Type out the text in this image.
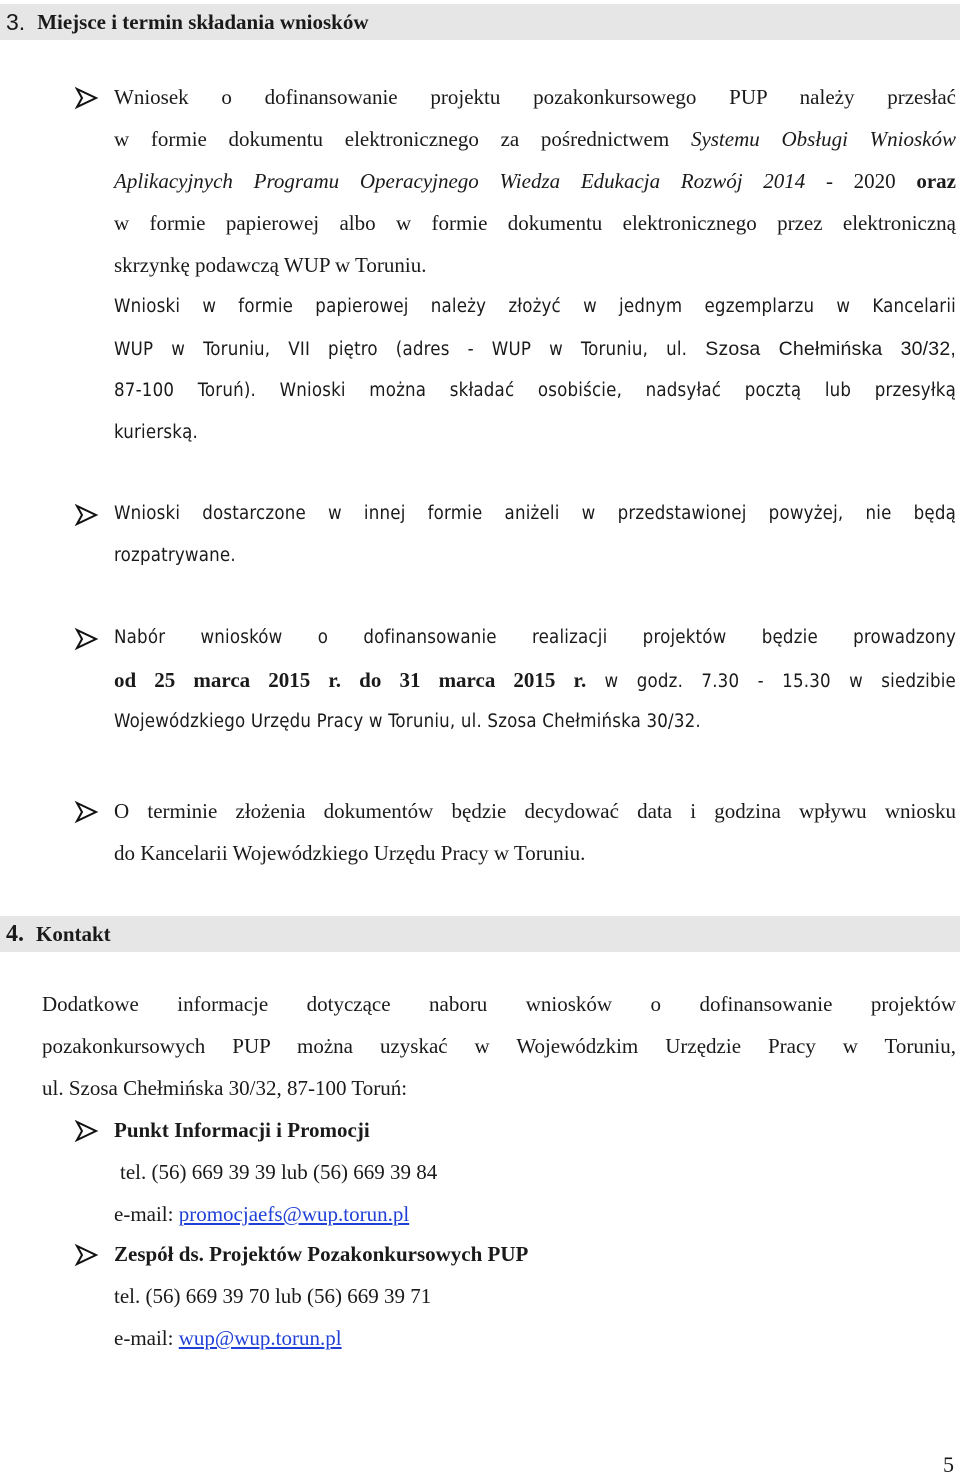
3. Miejsce i termin składania wniosków
Wniosek o dofinansowanie projektu pozakonkursowego PUP należy przesłać
w formie dokumentu elektronicznego za pośrednictwem Systemu Obsługi Wniosków
Aplikacyjnych Programu Operacyjnego Wiedza Edukacja Rozwój 2014 - 2020 oraz
w formie papierowej albo w formie dokumentu elektronicznego przez elektroniczną
skrzynkę podawczą WUP w Toruniu.
Wnioski w formie papierowej należy złożyć w jednym egzemplarzu w Kancelarii
WUP w Toruniu, VII piętro (adres - WUP w Toruniu, ul. Szosa Chełmińska 30/32,
87-100 Toruń). Wnioski można składać osobiście, nadsyłać pocztą lub przesyłką
kurierską.
Wnioski dostarczone w innej formie aniżeli w przedstawionej powyżej, nie będą
rozpatrywane.
Nabór wniosków o dofinansowanie realizacji projektów będzie prowadzony
od 25 marca 2015 r. do 31 marca 2015 r. w godz. 7.30 - 15.30 w siedzibie
Wojewódzkiego Urzędu Pracy w Toruniu, ul. Szosa Chełmińska 30/32.
O terminie złożenia dokumentów będzie decydować data i godzina wpływu wniosku
do Kancelarii Wojewódzkiego Urzędu Pracy w Toruniu.
4. Kontakt
Dodatkowe informacje dotyczące naboru wniosków o dofinansowanie projektów
pozakonkursowych PUP można uzyskać w Wojewódzkim Urzędzie Pracy w Toruniu,
ul. Szosa Chełmińska 30/32, 87-100 Toruń:
Punkt Informacji i Promocji
tel. (56) 669 39 39 lub (56) 669 39 84
e-mail: promocjaefs@wup.torun.pl
Zespół ds. Projektów Pozakonkursowych PUP
tel. (56) 669 39 70 lub (56) 669 39 71
e-mail: wup@wup.torun.pl
5
